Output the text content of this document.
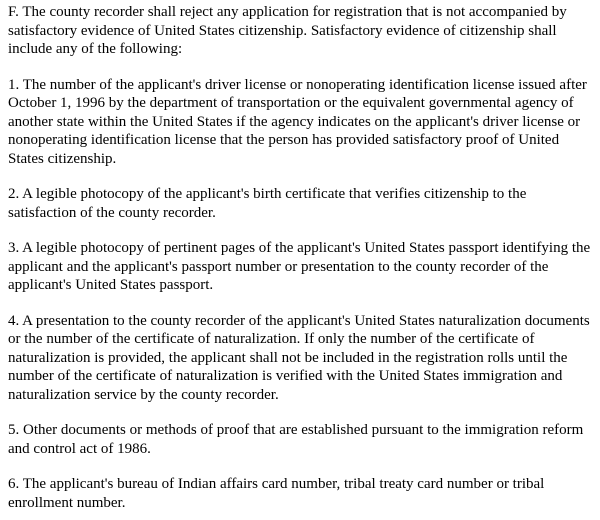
F. The county recorder shall reject any application for registration that is not accompanied by satisfactory evidence of United States citizenship. Satisfactory evidence of citizenship shall include any of the following:

1. The number of the applicant's driver license or nonoperating identification license issued after October 1, 1996 by the department of transportation or the equivalent governmental agency of another state within the United States if the agency indicates on the applicant's driver license or nonoperating identification license that the person has provided satisfactory proof of United States citizenship.

2. A legible photocopy of the applicant's birth certificate that verifies citizenship to the satisfaction of the county recorder.

3. A legible photocopy of pertinent pages of the applicant's United States passport identifying the applicant and the applicant's passport number or presentation to the county recorder of the applicant's United States passport.

4. A presentation to the county recorder of the applicant's United States naturalization documents or the number of the certificate of naturalization. If only the number of the certificate of naturalization is provided, the applicant shall not be included in the registration rolls until the number of the certificate of naturalization is verified with the United States immigration and naturalization service by the county recorder.

5. Other documents or methods of proof that are established pursuant to the immigration reform and control act of 1986.

6. The applicant's bureau of Indian affairs card number, tribal treaty card number or tribal enrollment number.
